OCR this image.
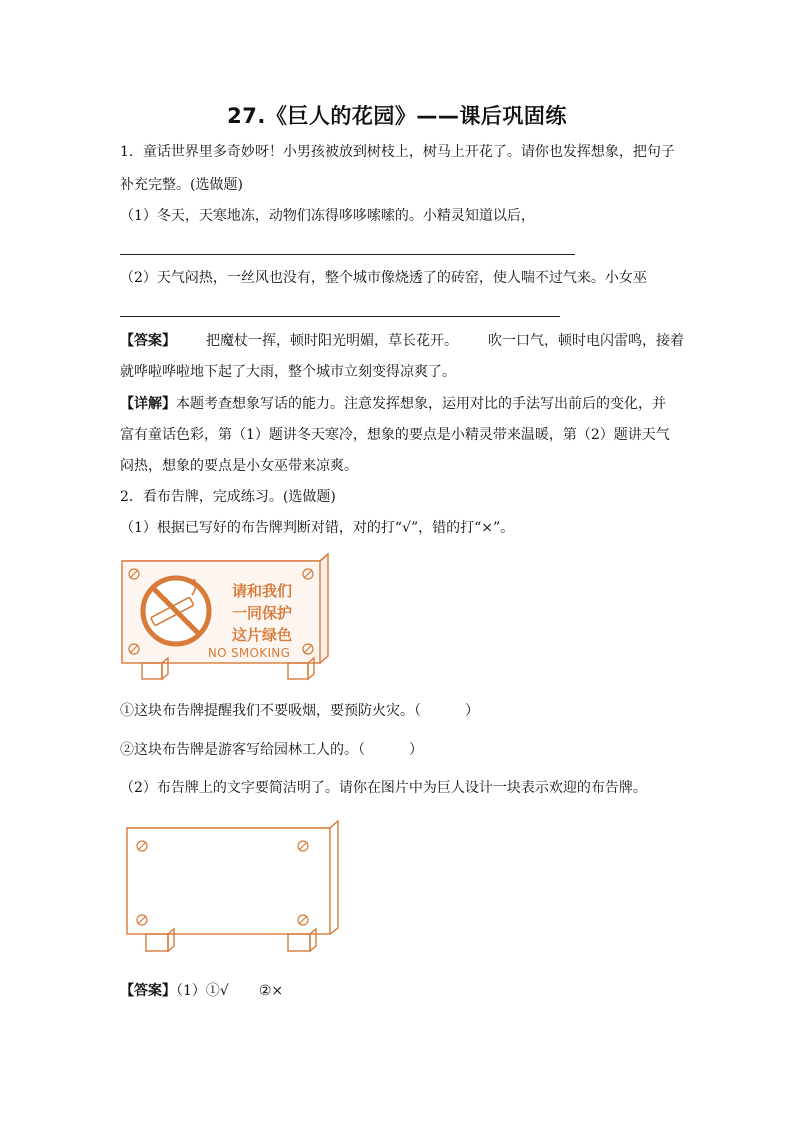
27.《巨人的花园》——课后巩固练
1．童话世界里多奇妙呀！小男孩被放到树枝上，树马上开花了。请你也发挥想象，把句子
补充完整。(选做题)
（1）冬天，天寒地冻，动物们冻得哆哆嗦嗦的。小精灵知道以后，
（2）天气闷热，一丝风也没有，整个城市像烧透了的砖窑，使人喘不过气来。小女巫
【答案】 把魔杖一挥，顿时阳光明媚，草长花开。 吹一口气，顿时电闪雷鸣，接着
就哗啦哗啦地下起了大雨，整个城市立刻变得凉爽了。
【详解】本题考查想象写话的能力。注意发挥想象，运用对比的手法写出前后的变化，并
富有童话色彩，第（1）题讲冬天寒冷，想象的要点是小精灵带来温暖，第（2）题讲天气
闷热，想象的要点是小女巫带来凉爽。
2．看布告牌，完成练习。(选做题)
（1）根据已写好的布告牌判断对错，对的打“√”，错的打“×”。
请和我们
一同保护
这片绿色
NO SMOKING
①这块布告牌提醒我们不要吸烟，要预防火灾。（	）
②这块布告牌是游客写给园林工人的。（	）
（2）布告牌上的文字要简洁明了。请你在图片中为巨人设计一块表示欢迎的布告牌。
【答案】（1）①√ ②×
